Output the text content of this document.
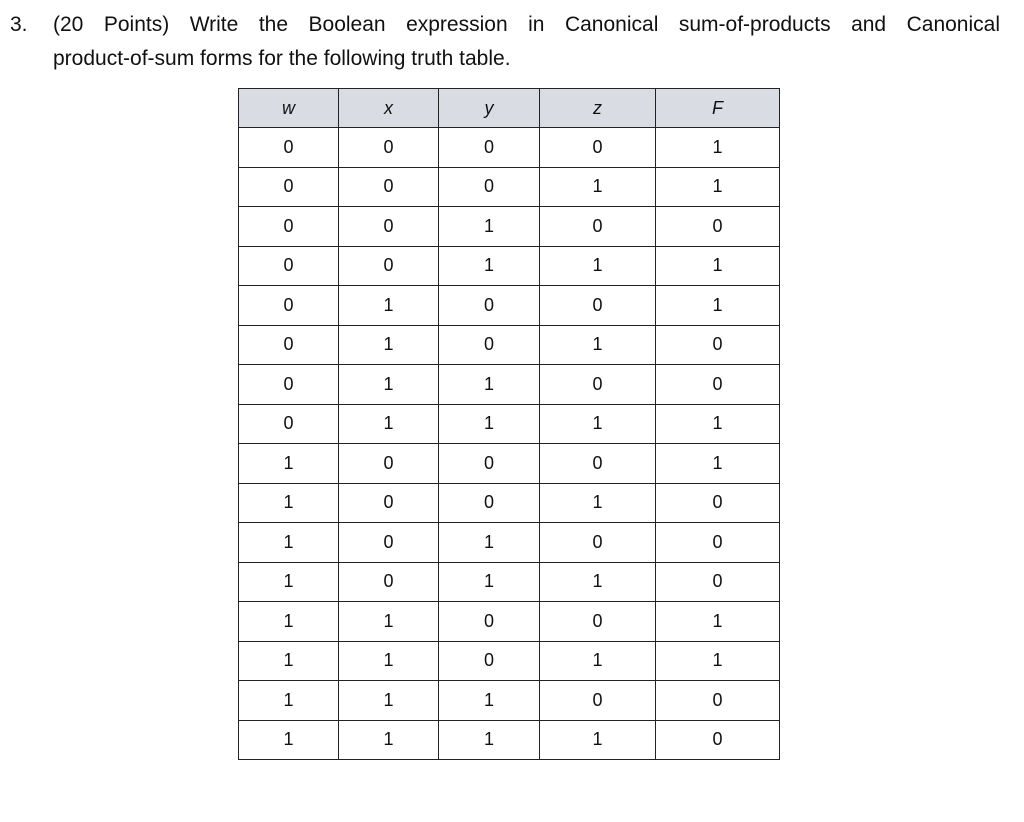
3. (20 Points) Write the Boolean expression in Canonical sum-of-products and Canonical
product-of-sum forms for the following truth table.
w	x	y	z	F
0	0	0	0	1
0	0	0	1	1
0	0	1	0	0
0	0	1	1	1
0	1	0	0	1
0	1	0	1	0
0	1	1	0	0
0	1	1	1	1
1	0	0	0	1
1	0	0	1	0
1	0	1	0	0
1	0	1	1	0
1	1	0	0	1
1	1	0	1	1
1	1	1	0	0
1	1	1	1	0
